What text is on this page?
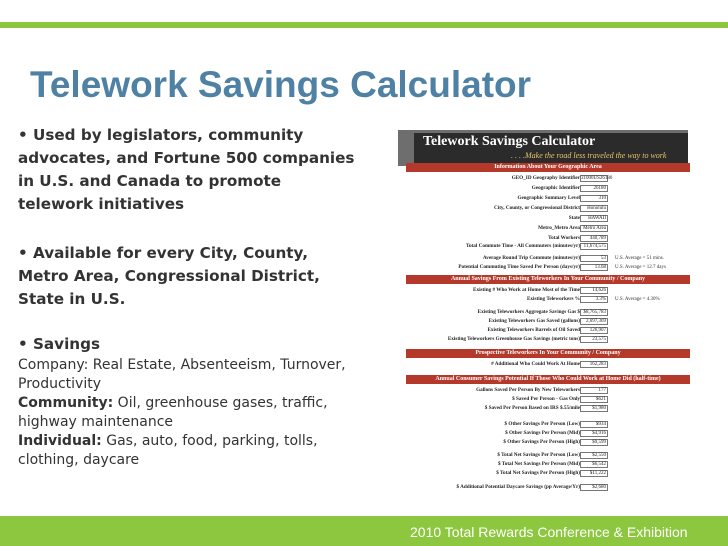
Telework Savings Calculator
• Used by legislators, community
advocates, and Fortune 500 companies
in U.S. and Canada to promote
telework initiatives
• Available for every City, County,
Metro Area, Congressional District,
State in U.S.
• Savings
Company: Real Estate, Absenteeism, Turnover,
Productivity
Community: Oil, greenhouse gases, traffic,
highway maintenance
Individual: Gas, auto, food, parking, tolls,
clothing, daycare
Telework Savings Calculator
. . . .Make the road less traveled the way to work
Information About Your Geographic Area
Annual Savings From Existing Teleworkers In Your Community / Company
Prospective Teleworkers In Your Community / Company
Annual Consumer Savings Potential If Those Who Could Work at Home Did (half-time)
GEO_ID Geography Identifier 31000US26180
Geographic Identifier	26180
Geographic Summary Level	310
City, County, or Congressional District	Honolulu
State	HAWAII
Metro_Metro Area Metro Area
Total Workers	440,789
Total Commute Time - All Commuters (minutes/yr) 11,674,575
Average Round Trip Commute (minutes/yr)	53	U.S. Average = 51 mins.
Potential Commuting Time Saved Per Person (days/yr)	13.68	U.S. Average = 12.7 days
Existing # Who Work at Home Most of the Time	14,626
Existing Teleworkers %	3.3%	U.S. Average = 4.30%
Existing Teleworkers Aggregate Savings Gas $ $8,765,783
Existing Teleworkers Gas Saved (gallons)	2,697,369
Existing Teleworkers Barrels of Oil Saved	126,907
Existing Teleworkers Greenhouse Gas Savings (metric tons)	23,575
# Additional Who Could Work At Home	162,283
Gallons Saved Per Person By New Teleworkers	177
$ Saved Per Person - Gas Only	$621
$ Saved Per Person Based on IRS $.55/mile	$1,980
$ Other Savings Per Person (Low)	$934
$ Other Savings Per Person (Mid)	$4,916
$ Other Savings Per Person (High)	$9,599
$ Total Net Savings Per Person (Low)	$2,550
$ Total Net Savings Per Person (Mid)	$6,542
$ Total Net Savings Per Person (High)	$11,222
$ Additional Potential Daycare Savings (pp Average/Yr)	$2,680
2010 Total Rewards Conference & Exhibition
